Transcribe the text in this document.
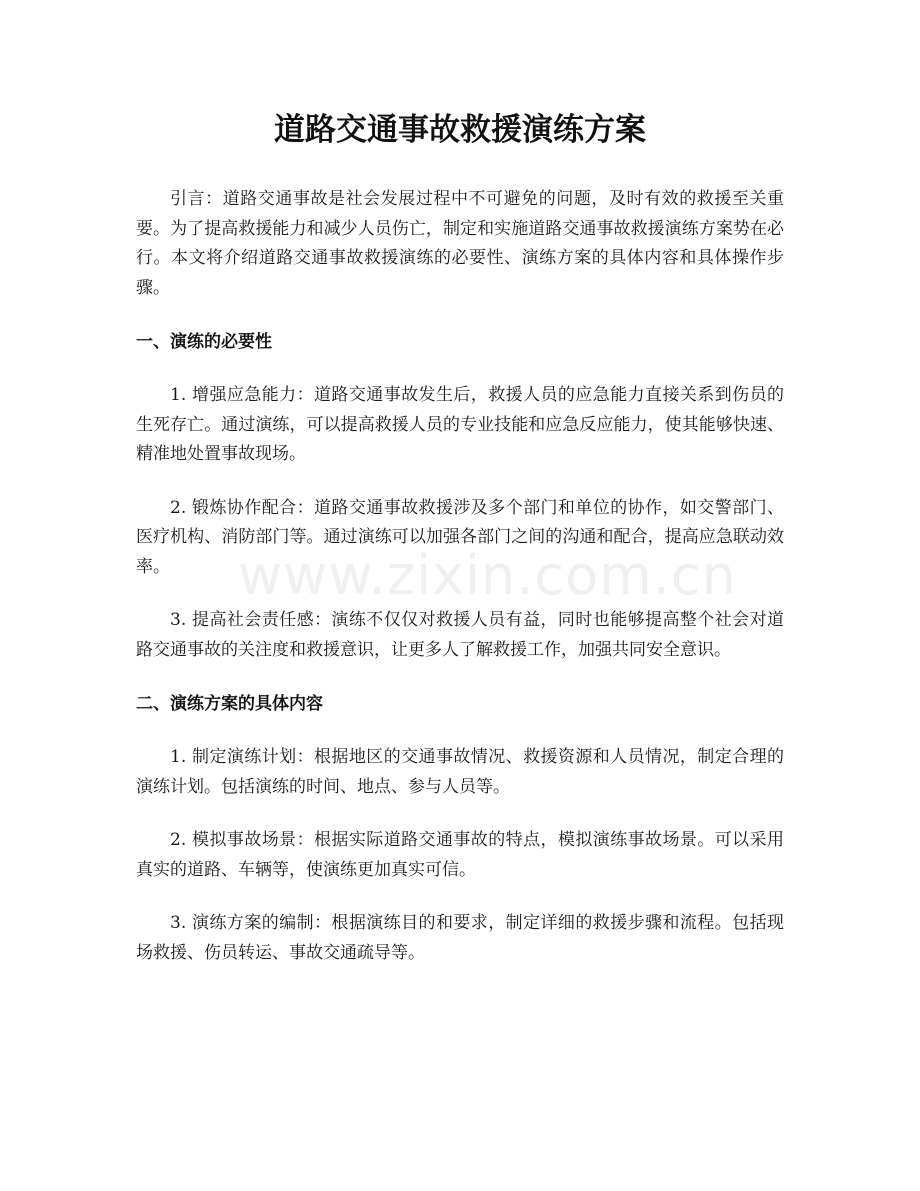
道路交通事故救援演练方案

引言：道路交通事故是社会发展过程中不可避免的问题，及时有效的救援至关重要。为了提高救援能力和减少人员伤亡，制定和实施道路交通事故救援演练方案势在必行。本文将介绍道路交通事故救援演练的必要性、演练方案的具体内容和具体操作步骤。

一、演练的必要性

1. 增强应急能力：道路交通事故发生后，救援人员的应急能力直接关系到伤员的生死存亡。通过演练，可以提高救援人员的专业技能和应急反应能力，使其能够快速、精准地处置事故现场。

2. 锻炼协作配合：道路交通事故救援涉及多个部门和单位的协作，如交警部门、医疗机构、消防部门等。通过演练可以加强各部门之间的沟通和配合，提高应急联动效率。

3. 提高社会责任感：演练不仅仅对救援人员有益，同时也能够提高整个社会对道路交通事故的关注度和救援意识，让更多人了解救援工作，加强共同安全意识。

二、演练方案的具体内容

1. 制定演练计划：根据地区的交通事故情况、救援资源和人员情况，制定合理的演练计划。包括演练的时间、地点、参与人员等。

2. 模拟事故场景：根据实际道路交通事故的特点，模拟演练事故场景。可以采用真实的道路、车辆等，使演练更加真实可信。

3. 演练方案的编制：根据演练目的和要求，制定详细的救援步骤和流程。包括现场救援、伤员转运、事故交通疏导等。

www.zixin.com.cn
